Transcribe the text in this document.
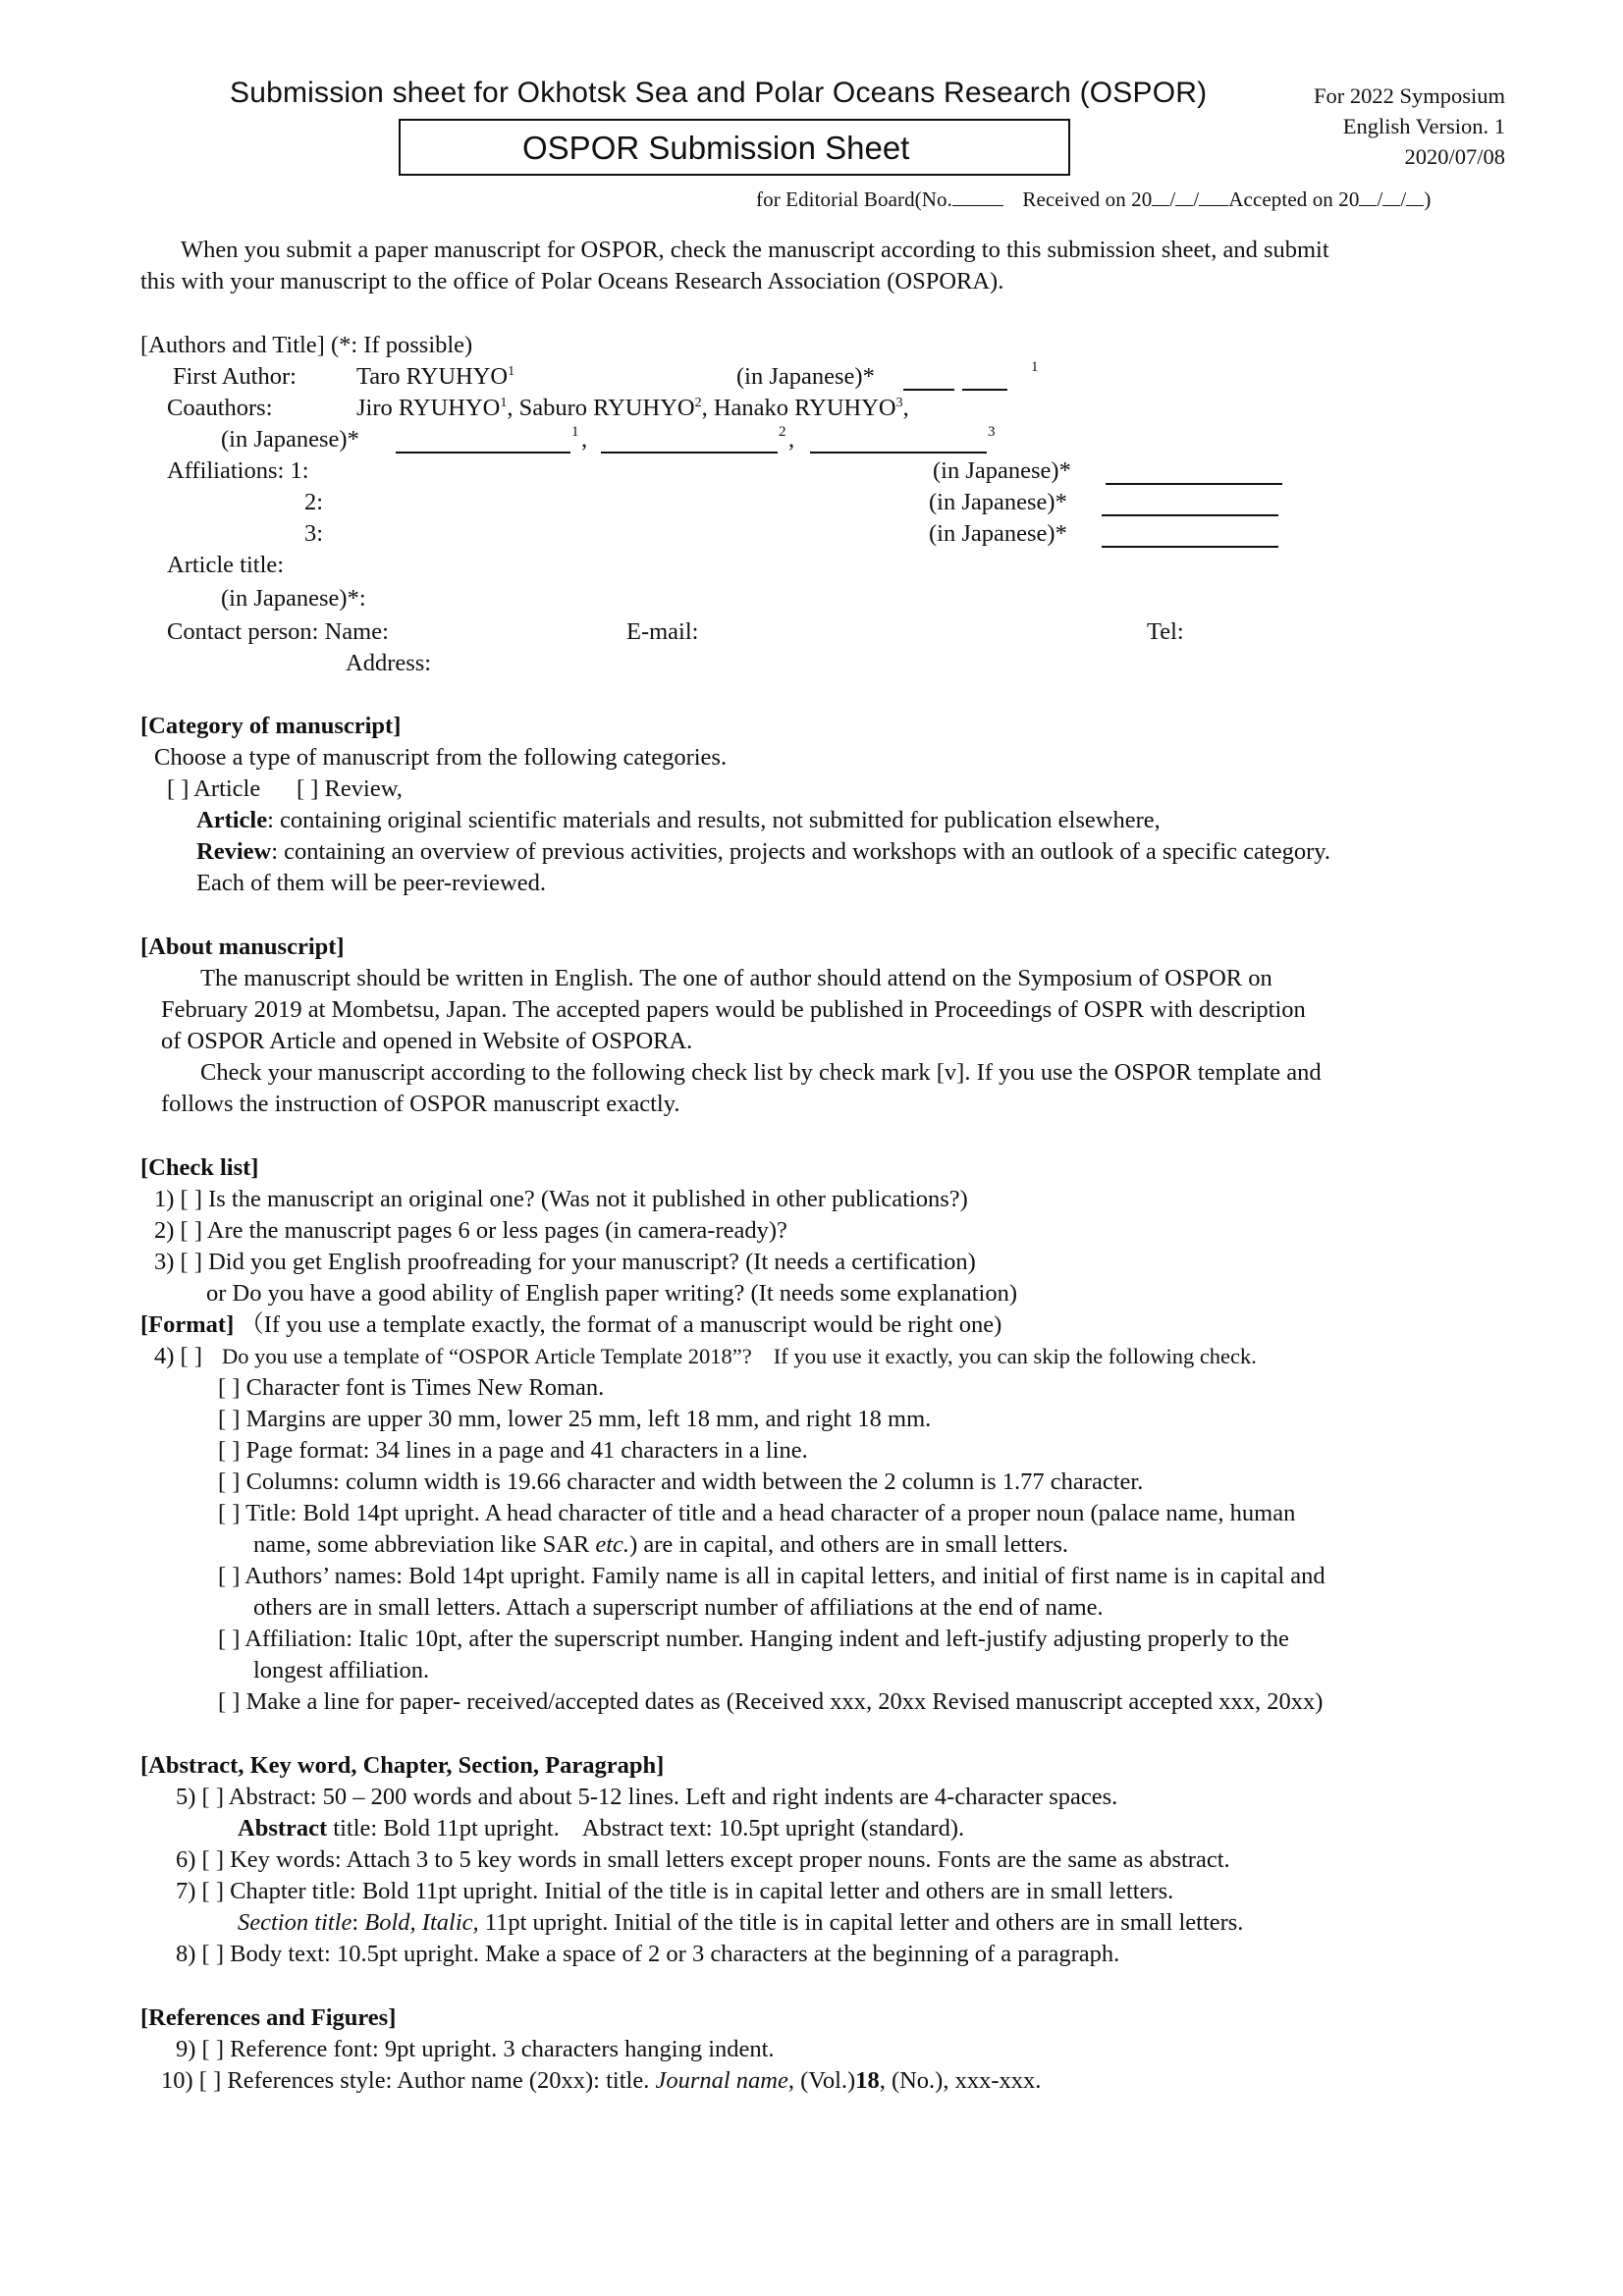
Submission sheet for Okhotsk Sea and Polar Oceans Research (OSPOR)	For 2022 Symposium
English Version. 1
2020/07/08
OSPOR Submission Sheet
for Editorial Board(No.	Received on 20 / / Accepted on 20 / / )
When you submit a paper manuscript for OSPOR, check the manuscript according to this submission sheet, and submit
this with your manuscript to the office of Polar Oceans Research Association (OSPORA).
[Authors and Title] (*: If possible)
First Author: Taro RYUHYO$^1$	(in Japanese)*	1
Coauthors:	Jiro RYUHYO$^1$, Saburo RYUHYO$^2$, Hanako RYUHYO$^3$,
(in Japanese)*	1 ,	2 ,	3
Affiliations: 1:	(in Japanese)*
2:	(in Japanese)*
3:	(in Japanese)*
Article title:
(in Japanese)*:
Contact person: Name:	E-mail:	Tel:
Address:
[Category of manuscript]
Choose a type of manuscript from the following categories.
[ ] Article      [ ] Review,
Article: containing original scientific materials and results, not submitted for publication elsewhere,
Review: containing an overview of previous activities, projects and workshops with an outlook of a specific category.
Each of them will be peer-reviewed.
[About manuscript]
The manuscript should be written in English. The one of author should attend on the Symposium of OSPOR on
February 2019 at Mombetsu, Japan. The accepted papers would be published in Proceedings of OSPR with description
of OSPOR Article and opened in Website of OSPORA.
Check your manuscript according to the following check list by check mark [v]. If you use the OSPOR template and
follows the instruction of OSPOR manuscript exactly.
[Check list]
1) [ ] Is the manuscript an original one? (Was not it published in other publications?)
2) [ ] Are the manuscript pages 6 or less pages (in camera-ready)?
3) [ ] Did you get English proofreading for your manuscript? (It needs a certification)
or Do you have a good ability of English paper writing? (It needs some explanation)
[Format] （If you use a template exactly, the format of a manuscript would be right one)
4) [ ] Do you use a template of “OSPOR Article Template 2018”? If you use it exactly, you can skip the following check.
[ ] Character font is Times New Roman.
[ ] Margins are upper 30 mm, lower 25 mm, left 18 mm, and right 18 mm.
[ ] Page format: 34 lines in a page and 41 characters in a line.
[ ] Columns: column width is 19.66 character and width between the 2 column is 1.77 character.
[ ] Title: Bold 14pt upright. A head character of title and a head character of a proper noun (palace name, human
name, some abbreviation like SAR etc.) are in capital, and others are in small letters.
[ ] Authors’ names: Bold 14pt upright. Family name is all in capital letters, and initial of first name is in capital and
others are in small letters. Attach a superscript number of affiliations at the end of name.
[ ] Affiliation: Italic 10pt, after the superscript number. Hanging indent and left-justify adjusting properly to the
longest affiliation.
[ ] Make a line for paper- received/accepted dates as (Received xxx, 20xx Revised manuscript accepted xxx, 20xx)
[Abstract, Key word, Chapter, Section, Paragraph]
5) [ ] Abstract: 50 – 200 words and about 5-12 lines. Left and right indents are 4-character spaces.
Abstract title: Bold 11pt upright.    Abstract text: 10.5pt upright (standard).
6) [ ] Key words: Attach 3 to 5 key words in small letters except proper nouns. Fonts are the same as abstract.
7) [ ] Chapter title: Bold 11pt upright. Initial of the title is in capital letter and others are in small letters.
Section title: Bold, Italic, 11pt upright. Initial of the title is in capital letter and others are in small letters.
8) [ ] Body text: 10.5pt upright. Make a space of 2 or 3 characters at the beginning of a paragraph.
[References and Figures]
9) [ ] Reference font: 9pt upright. 3 characters hanging indent.
10) [ ] References style: Author name (20xx): title. Journal name, (Vol.)18, (No.), xxx-xxx.
